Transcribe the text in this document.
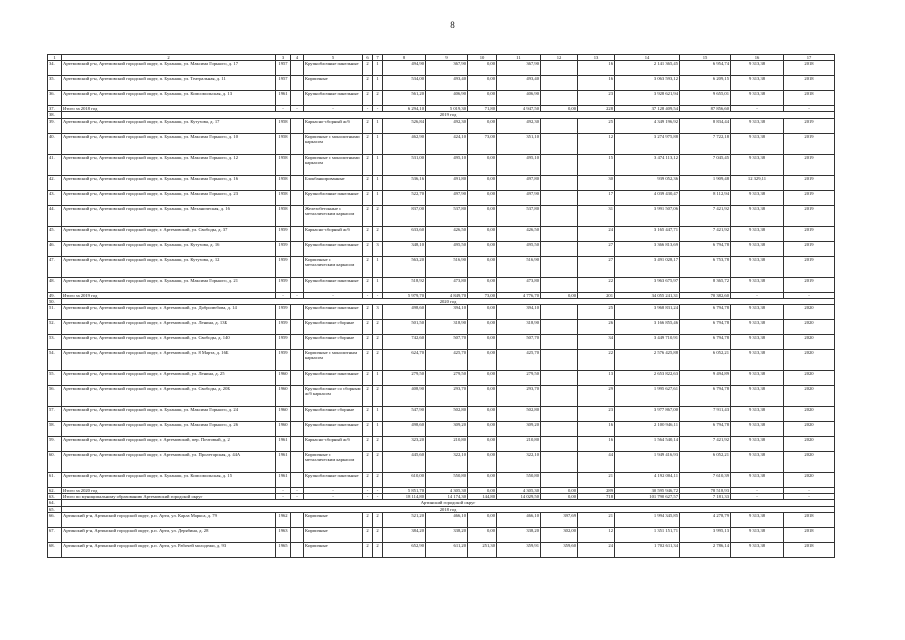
8
1	2	3	4	5	6	7	8	9	10	11	12	13	14	15	16	17
34.	Артемовский р-н, Артемовский городской округ, п. Буланаш, ул. Максима Горького, д. 17	1957		Крупноблочные панельные	2	1	494,90	367,90	0,00	367,90		16	2 141 365,45	6 954,74	9 313,38	2018
35.	Артемовский р-н, Артемовский городской округ, п. Буланаш, ул. Театральная, д. 11	1957		Кирпичные	2	1	534,00	493,40	0,00	493,40		16	3 063 593,12	6 209,15	9 313,38	2018
36.	Артемовский р-н, Артемовский городской округ, п. Буланаш, ул. Комсомольская, д. 13	1961		Крупноблочные панельные	2	2	561,20	406,90	0,00	406,90		23	3 928 621,94	9 655,01	9 313,38	2018
37.	Итого за 2018 год	-	-	-	-	-	6 294,10	5 019,30	71,80	4 947,50	0,00	228	37 128 409,54	87 856,60	-	-
38.	2019 год															
39.	Артемовский р-н, Артемовский городской округ, п. Буланаш, ул. Кутузова, д. 17	1958		Каркасно-сборный ж/б	2	1	526,84	492,30	0,00	492,30		25	4 349 196,92	8 834,44	9 313,38	2019
40.	Артемовский р-н, Артемовский городской округ, п. Буланаш, ул. Максима Горького, д. 10	1958		Кирпичные с монолитными каркасом	2	1	462,90	424,10	73,00	351,10		12	3 274 975,88	7 722,18	9 313,38	2019
41.	Артемовский р-н, Артемовский городской округ, п. Буланаш, ул. Максима Горького, д. 12	1958		Кирпичные с монолитными каркасом	2	1	531,00	495,10	0,00	495,10		15	3 474 113,12	7 045,45	9 313,38	2019
42.	Артемовский р-н, Артемовский городской округ, п. Буланаш, ул. Максима Горького, д. 16	1958		Блокбанкированные	2	1	536,16	491,80	0,00	497,80		30	939 052,36	1 909,48	12 329,11	2019
43.	Артемовский р-н, Артемовский городской округ, п. Буланаш, ул. Максима Горького, д. 23	1958		Крупноблочные панельные	2	1	522,70	497,90	0,00	497,90		17	4 039 430,47	8 112,94	9 313,38	2019
44.	Артемовский р-н, Артемовский городской округ, п. Буланаш, ул. Механическая, д. 16	1958		Железобетонные с металлическим каркасом	2	2	837,00	537,80	0,00	537,80		31	3 991 507,06	7 421,92	9 313,38	2019
45.	Артемовский р-н, Артемовский городской округ, г. Артемовский, ул. Свободы, д. 37	1959		Каркасно-сборный ж/б	2	2	633,60	426,50	0,00	426,50		24	3 165 447,71	7 421,92	9 313,38	2019
46.	Артемовский р-н, Артемовский городской округ, п. Буланаш, ул. Кутузова, д. 16	1959		Крупноблочные панельные	2	3	348,10	495,50	0,00	495,50		27	3 366 813,69	6 794,78	9 313,38	2019
47.	Артемовский р-н, Артемовский городской округ, п. Буланаш, ул. Кутузова, д. 12	1959		Кирпичные с металлическим каркасом	2	1	563,20	516,90	0,00	516,90		27	3 491 028,17	6 753,78	9 313,38	2019
48.	Артемовский р-н, Артемовский городской округ, п. Буланаш, ул. Максима Горького, д. 21	1959		Крупноблочные панельные	2	1	518,92	473,80	0,00	473,80		22	3 963 675,97	8 365,72	9 313,38	2019
49.	Итого за 2019 год	-	-	-	-	-	5 979,70	4 849,70	73,00	4 776,70	0,00	201	34 055 241,31	70 382,60	-	-
50.	2020 год															
51.	Артемовский р-н, Артемовский городской округ, г. Артемовский, ул. Добролюбова, д. 14	1959		Крупноблочные панельные	2	3	498,60	394,10	0,00	394,10		25	3 968 831,24	6 794,78	9 313,38	2020
52.	Артемовский р-н, Артемовский городской округ, г. Артемовский, ул. Ленина, д. 13Б	1959		Крупноблочные сборные	2	2	501,50	318,90	0,00	318,90		26	3 166 855,46	6 794,78	9 313,38	2020
53.	Артемовский р-н, Артемовский городской округ, г. Артемовский, ул. Свободы, д. 140	1959		Крупноблочные сборные	2	2	742,60	507,70	0,00	507,70		34	3 449 710,91	6 794,78	9 313,38	2020
54.	Артемовский р-н, Артемовский городской округ, г. Артемовский, ул. 8 Марта, д. 16Б	1959		Кирпичные с монолитным каркасом	2	2	624,70	425,70	0,00	425,70		22	2 576 425,88	6 052,21	9 313,38	2020
55.	Артемовский р-н, Артемовский городской округ, г. Артемовский, ул. Ленина, д. 25	1960		Крупноблочные панельные	2	1	279,50	279,50	0,00	279,50		13	2 653 822,63	9 494,89	9 313,38	2020
56.	Артемовский р-н, Артемовский городской округ, г. Артемовский, ул. Свободы, д. 20Б	1960		Крупноблочные со сборным ж/б каркасом	2	2	408,90	293,70	0,00	293,70		29	1 995 627,61	6 794,78	9 313,38	2020
57.	Артемовский р-н, Артемовский городской округ, п. Буланаш, ул. Максима Горького, д. 24	1960		Крупноблочные сборные	2	1	547,90	502,80	0,00	502,80		23	3 977 867,00	7 911,43	9 313,38	2020
58.	Артемовский р-н, Артемовский городской округ, п. Буланаш, ул. Максима Горького, д. 26	1960		Крупноблочные панельные	2	1	498,60	309,20	0,00	309,20		16	2 100 946,11	6 794,78	9 313,38	2020
59.	Артемовский р-н, Артемовский городской округ, г. Артемовский, пер. Почтовый, д. 2	1961		Каркасно-сборный ж/б	2	2	323,20	210,80	0,00	210,80		16	1 564 540,14	7 421,92	9 313,38	2020
60.	Артемовский р-н, Артемовский городской округ, г. Артемовский, ул. Пролетарская, д. 44А	1961		Кирпичные с металлическим каркасом	2	2	445,60	322,10	0,00	322,10		44	1 949 416,93	6 052,21	9 313,38	2020
61.	Артемовский р-н, Артемовский городской округ, п. Буланаш, ул. Комсомольская, д. 15	1961		Крупноблочные панельные	2	2	610,00	550,80	0,00	550,80		21	4 192 004,11	7 610,39	9 313,38	2020
62.	Итого за 2020 год	-	-	-	-	-	5 851,70	4 305,30	0,00	4 305,30	0,00	289	30 595 946,72	78 518,93	-	-
63.	Итого по муниципальному образованию Артемовский городской округ	-	-	-	-	-	18 114,80	14 174,30	144,80	14 029,50	0,00	718	101 790 627,57	7 181,33	-	-
64.	Артинский городской округ															
65.	2018 год															
66.	Артинский р-н, Артинский городской округ, р.п. Арти, ул. Карла Маркса, д. 79	1962		Кирпичные	2	2	521,20	466,10	0,00	466,10	397,69	21	1 994 345,85	4 278,79	9 313,38	2018
67.	Артинский р-н, Артинский городской округ, р.п. Арти, ул. Дерябина, д. 28	1963		Кирпичные	2	2	384,20	338,20	0,00	338,20	302,00	12	1 351 151,71	3 995,13	9 313,38	2018
68.	Артинский р-н, Артинский городской округ, р.п. Арти, ул. Рабочей молодежи, д. 93	1965		Кирпичные	2	2	652,90	611,20	251,30	359,91	359,60	24	1 702 611,34	2 786,14	9 313,38	2018
